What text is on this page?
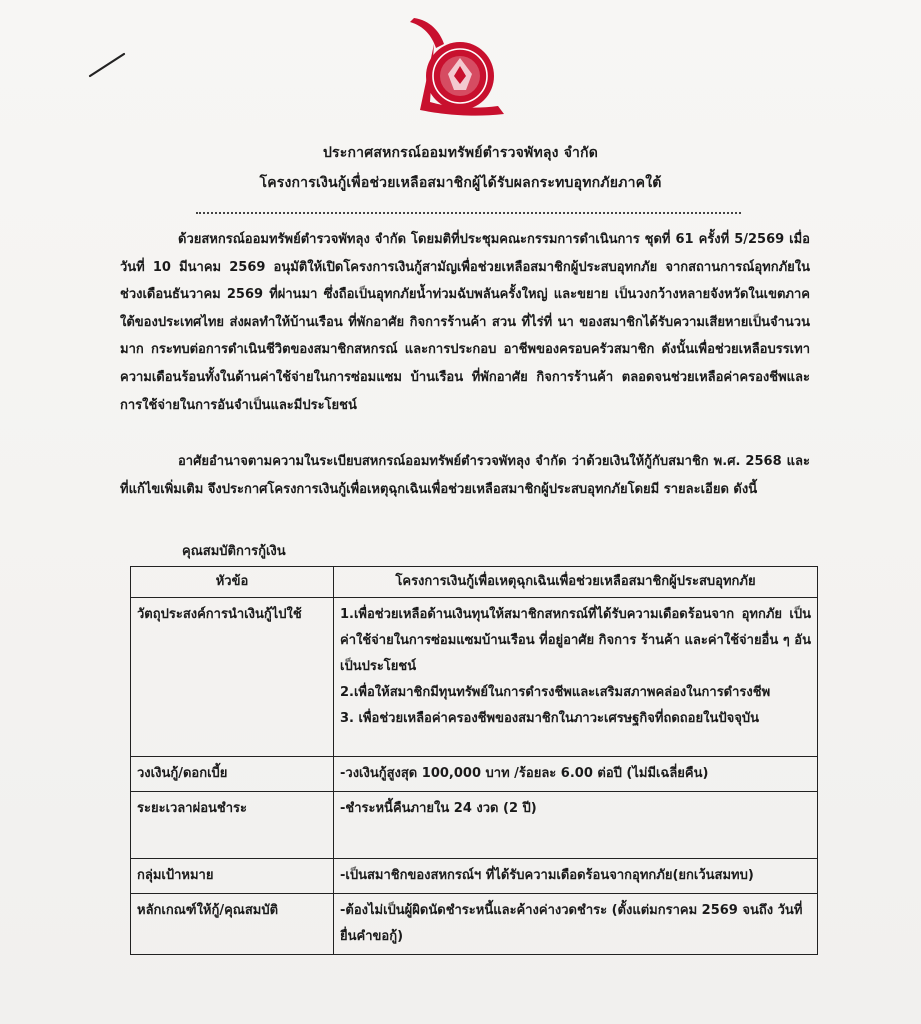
ประกาศสหกรณ์ออมทรัพย์ตำรวจพัทลุง จำกัด
โครงการเงินกู้เพื่อช่วยเหลือสมาชิกผู้ได้รับผลกระทบอุทกภัยภาคใต้

ด้วยสหกรณ์ออมทรัพย์ตำรวจพัทลุง จำกัด โดยมติที่ประชุมคณะกรรมการดำเนินการ ชุดที่ 61 ครั้งที่ 5/2569 เมื่อวันที่ 10 มีนาคม 2569 อนุมัติให้เปิดโครงการเงินกู้สามัญเพื่อช่วยเหลือสมาชิกผู้ประสบอุทกภัย จากสถานการณ์อุทกภัยในช่วงเดือนธันวาคม 2569 ที่ผ่านมา ซึ่งถือเป็นอุทกภัยน้ำท่วมฉับพลันครั้งใหญ่ และขยาย เป็นวงกว้างหลายจังหวัดในเขตภาคใต้ของประเทศไทย ส่งผลทำให้บ้านเรือน ที่พักอาศัย กิจการร้านค้า สวน ที่ไร่ที่ นา ของสมาชิกได้รับความเสียหายเป็นจำนวนมาก กระทบต่อการดำเนินชีวิตของสมาชิกสหกรณ์ และการประกอบ อาชีพของครอบครัวสมาชิก ดังนั้นเพื่อช่วยเหลือบรรเทาความเดือนร้อนทั้งในด้านค่าใช้จ่ายในการซ่อมแซม บ้านเรือน ที่พักอาศัย กิจการร้านค้า ตลอดจนช่วยเหลือค่าครองชีพและการใช้จ่ายในการอันจำเป็นและมีประโยชน์

อาศัยอำนาจตามความในระเบียบสหกรณ์ออมทรัพย์ตำรวจพัทลุง จำกัด ว่าด้วยเงินให้กู้กับสมาชิก พ.ศ. 2568 และที่แก้ไขเพิ่มเติม จึงประกาศโครงการเงินกู้เพื่อเหตุฉุกเฉินเพื่อช่วยเหลือสมาชิกผู้ประสบอุทกภัยโดยมี รายละเอียด ดังนี้

คุณสมบัติการกู้เงิน
หัวข้อ	โครงการเงินกู้เพื่อเหตุฉุกเฉินเพื่อช่วยเหลือสมาชิกผู้ประสบอุทกภัย
วัตถุประสงค์การนำเงินกู้ไปใช้	1.เพื่อช่วยเหลือด้านเงินทุนให้สมาชิกสหกรณ์ที่ได้รับความเดือดร้อนจาก อุทกภัย เป็นค่าใช้จ่ายในการซ่อมแซมบ้านเรือน ที่อยู่อาศัย กิจการ ร้านค้า และค่าใช้จ่ายอื่น ๆ อันเป็นประโยชน์
2.เพื่อให้สมาชิกมีทุนทรัพย์ในการดำรงชีพและเสริมสภาพคล่องในการดำรงชีพ
3. เพื่อช่วยเหลือค่าครองชีพของสมาชิกในภาวะเศรษฐกิจที่ถดถอยในปัจจุบัน

วงเงินกู้/ดอกเบี้ย	-วงเงินกู้สูงสุด 100,000 บาท /ร้อยละ 6.00 ต่อปี (ไม่มีเฉลี่ยคืน)
ระยะเวลาผ่อนชำระ	-ชำระหนี้คืนภายใน 24 งวด (2 ปี)
กลุ่มเป้าหมาย	-เป็นสมาชิกของสหกรณ์ฯ ที่ได้รับความเดือดร้อนจากอุทกภัย(ยกเว้นสมทบ)
หลักเกณฑ์ให้กู้/คุณสมบัติ	-ต้องไม่เป็นผู้ผิดนัดชำระหนี้และค้างค่างวดชำระ (ตั้งแต่มกราคม 2569 จนถึง วันที่ยื่นคำขอกู้)
